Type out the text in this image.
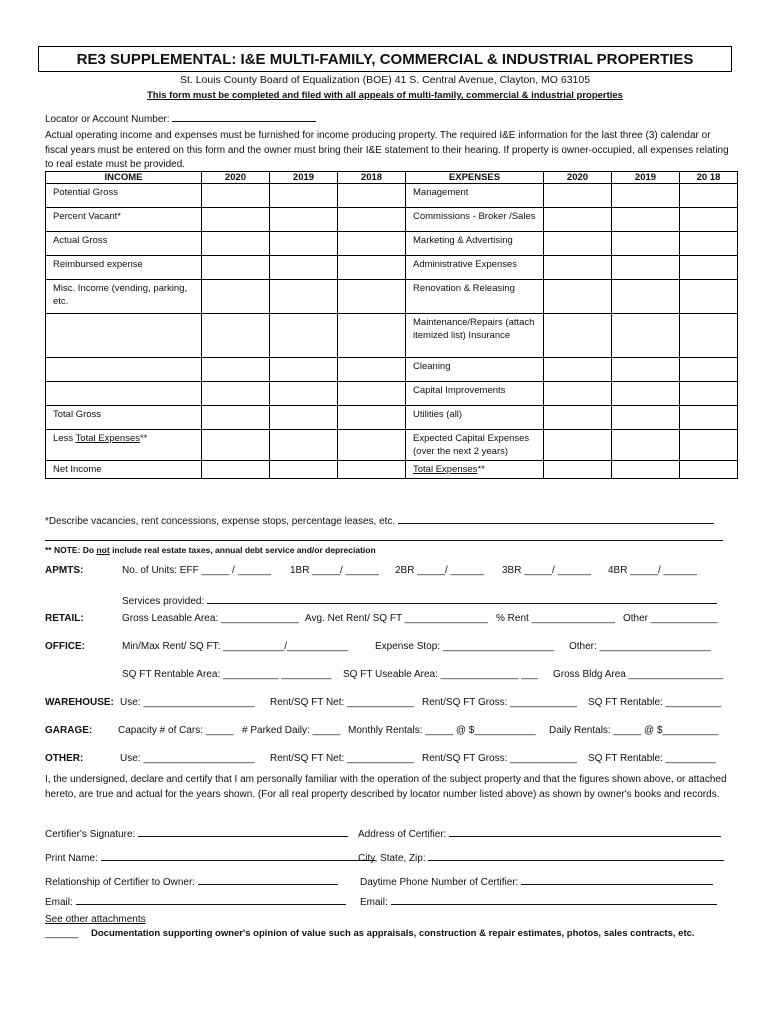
RE3 SUPPLEMENTAL: I&E MULTI-FAMILY, COMMERCIAL & INDUSTRIAL PROPERTIES
St. Louis County Board of Equalization (BOE) 41 S. Central Avenue, Clayton, MO 63105
This form must be completed and filed with all appeals of multi-family, commercial & industrial properties
Locator or Account Number:
Actual operating income and expenses must be furnished for income producing property. The required I&E information for the last three (3) calendar or fiscal years must be entered on this form and the owner must bring their I&E statement to their hearing. If property is owner-occupied, all expenses relating to real estate must be provided.
INCOME	2020	2019	2018	EXPENSES	2020	2019	20 18
Potential Gross				Management			
Percent Vacant*				Commissions - Broker /Sales			
Actual Gross				Marketing & Advertising			
Reimbursed expense				Administrative Expenses			
Misc. Income (vending, parking, etc.				Renovation & Releasing			
				Maintenance/Repairs (attach itemized list) Insurance			
				Cleaning			
				Capital Improvements			
Total Gross				Utilities (all)			
Less Total Expenses**				Expected Capital Expenses (over the next 2 years)			
Net Income				Total Expenses**			
*Describe vacancies, rent concessions, expense stops, percentage leases, etc.
** NOTE: Do not include real estate taxes, annual debt service and/or depreciation
APMTS:	No. of Units: EFF _____ / ______ 1BR _____/ ______ 2BR _____/ ______ 3BR _____/ ______ 4BR _____/ ______
Services provided:
RETAIL:	Gross Leasable Area: ______________ Avg. Net Rent/ SQ FT _______________ % Rent _______________ Other ____________
OFFICE:	Min/Max Rent/ SQ FT: ___________/___________	Expense Stop: ____________________ Other: ____________________
SQ FT Rentable Area: __________ _________ SQ FT Useable Area: ______________ ___ Gross Bldg Area _________________
WAREHOUSE: Use: ____________________ Rent/SQ FT Net: ____________ Rent/SQ FT Gross: ____________ SQ FT Rentable: __________
GARAGE:	Capacity # of Cars: _____ # Parked Daily: _____ Monthly Rentals: _____ @ $___________ Daily Rentals: _____ @ $__________
OTHER:	Use: ____________________ Rent/SQ FT Net: ____________ Rent/SQ FT Gross: ____________ SQ FT Rentable: _________
I, the undersigned, declare and certify that I am personally familiar with the operation of the subject property and that the figures shown above, or attached hereto, are true and actual for the years shown. (For all real property described by locator number listed above) as shown by owner's books and records.
Certifier's Signature:	Address of Certifier:
Print Name:	City, State, Zip:
Relationship of Certifier to Owner:	Daytime Phone Number of Certifier:
Email:	Email:
See other attachments
______ Documentation supporting owner's opinion of value such as appraisals, construction & repair estimates, photos, sales contracts, etc.
